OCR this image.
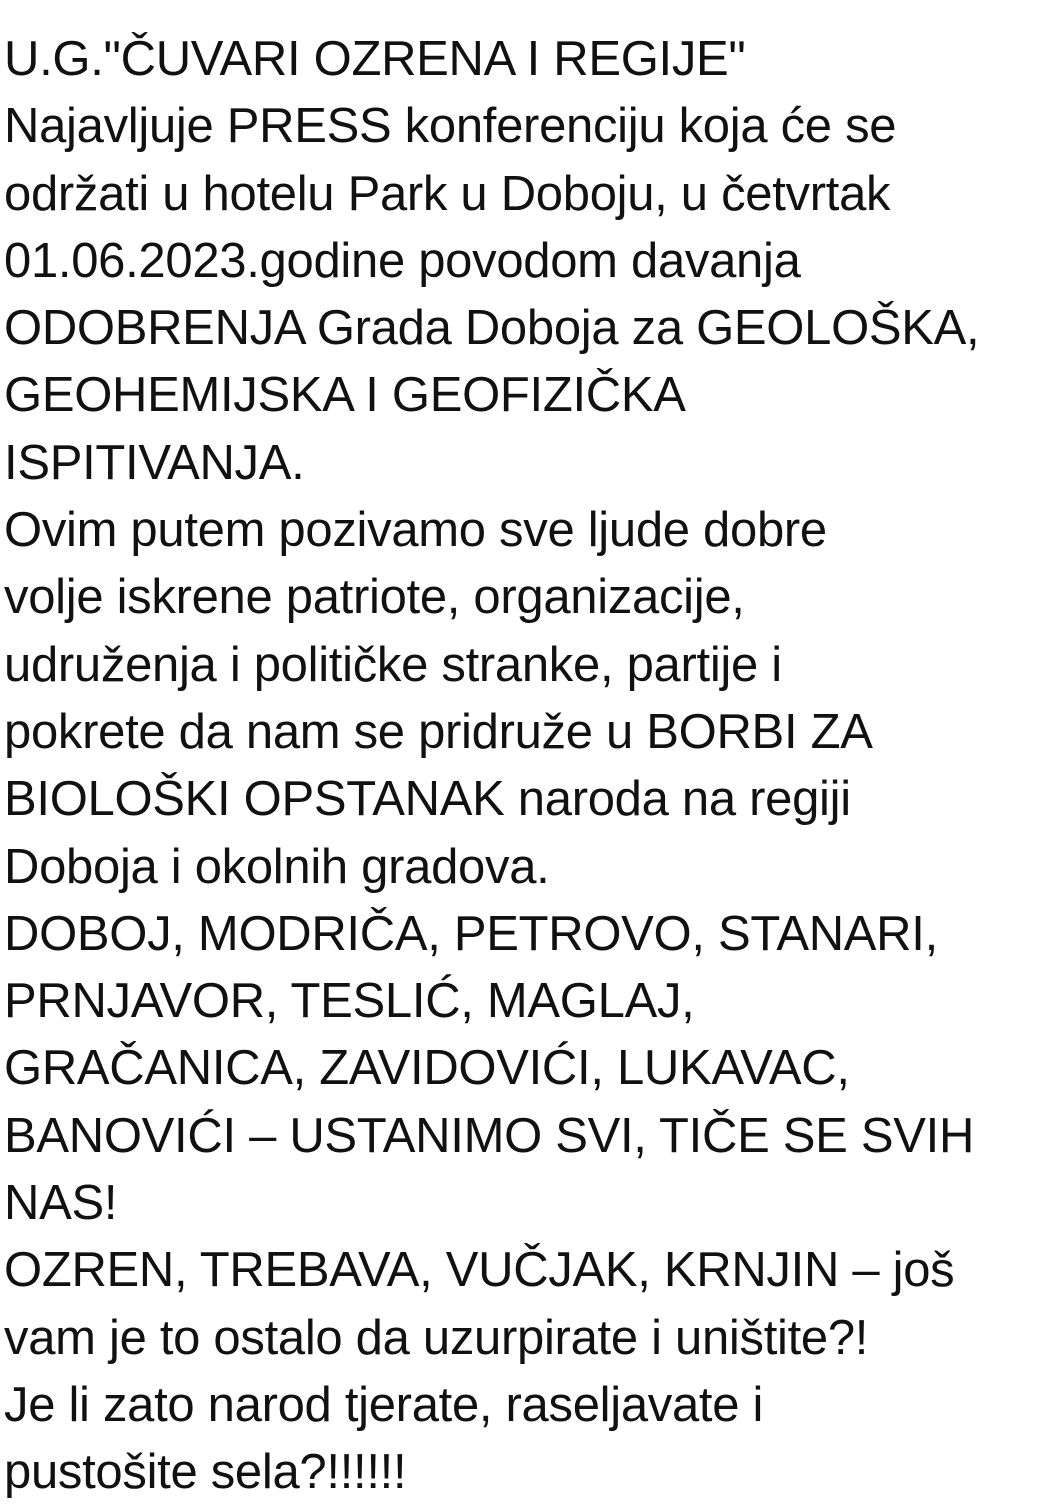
U.G."ČUVARI OZRENA I REGIJE"

Najavljuje PRESS konferenciju koja će se

održati u hotelu Park u Doboju, u četvrtak

01.06.2023.godine povodom davanja

ODOBRENJA Grada Doboja za GEOLOŠKA,

GEOHEMIJSKA I GEOFIZIČKA

ISPITIVANJA.

Ovim putem pozivamo sve ljude dobre

volje iskrene patriote, organizacije,

udruženja i političke stranke, partije i

pokrete da nam se pridruže u BORBI ZA

BIOLOŠKI OPSTANAK naroda na regiji

Doboja i okolnih gradova.

DOBOJ, MODRIČA, PETROVO, STANARI,

PRNJAVOR, TESLIĆ, MAGLAJ,

GRAČANICA, ZAVIDOVIĆI, LUKAVAC,

BANOVIĆI – USTANIMO SVI, TIČE SE SVIH

NAS!

OZREN, TREBAVA, VUČJAK, KRNJIN – još

vam je to ostalo da uzurpirate i uništite?!

Je li zato narod tjerate, raseljavate i

pustošite sela?!!!!!!
